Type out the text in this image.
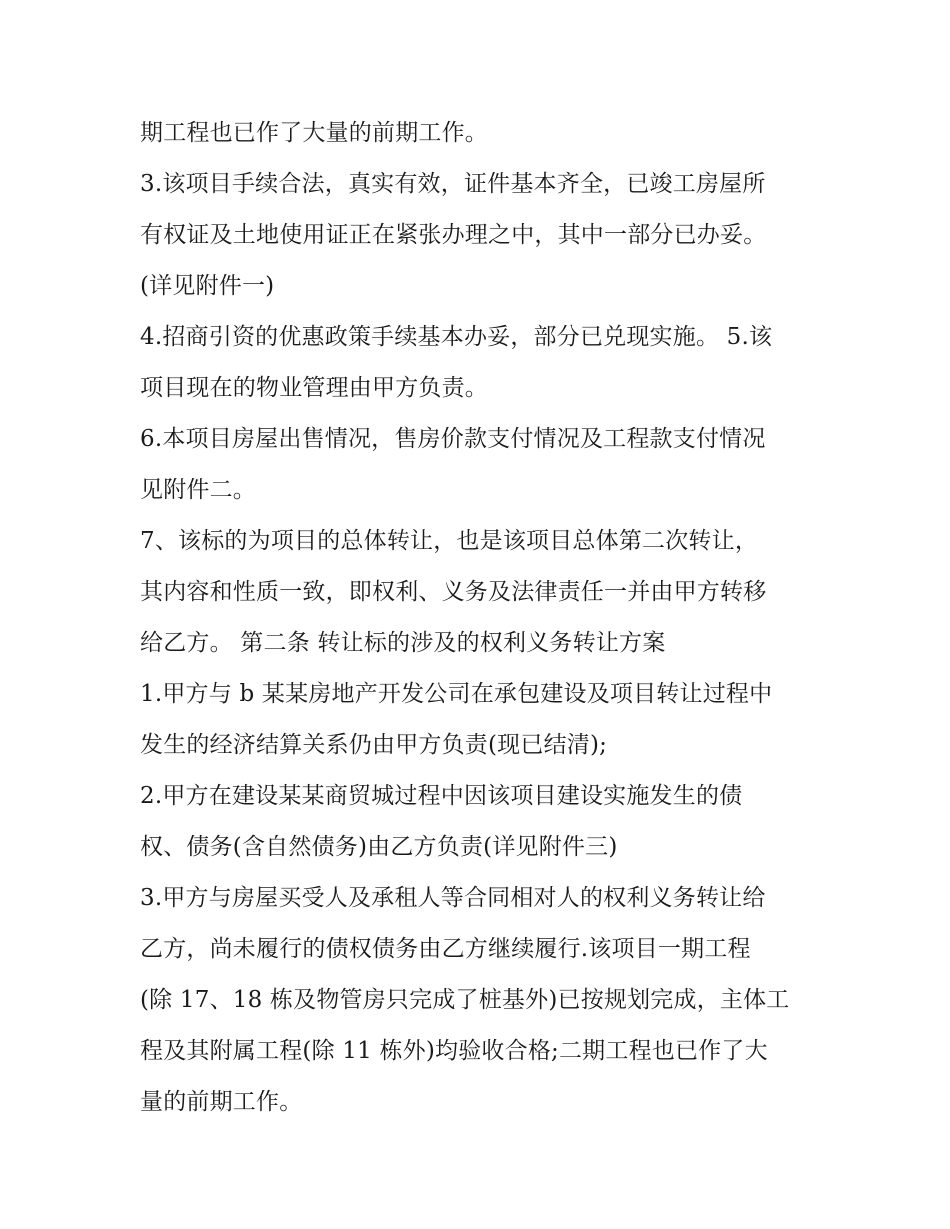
期工程也已作了大量的前期工作。
3.该项目手续合法，真实有效，证件基本齐全，已竣工房屋所
有权证及土地使用证正在紧张办理之中，其中一部分已办妥。
(详见附件一)
4.招商引资的优惠政策手续基本办妥，部分已兑现实施。 5.该
项目现在的物业管理由甲方负责。
6.本项目房屋出售情况，售房价款支付情况及工程款支付情况
见附件二。
7、该标的为项目的总体转让，也是该项目总体第二次转让，
其内容和性质一致，即权利、义务及法律责任一并由甲方转移
给乙方。 第二条 转让标的涉及的权利义务转让方案
1.甲方与 b 某某房地产开发公司在承包建设及项目转让过程中
发生的经济结算关系仍由甲方负责(现已结清);
2.甲方在建设某某商贸城过程中因该项目建设实施发生的债
权、债务(含自然债务)由乙方负责(详见附件三)
3.甲方与房屋买受人及承租人等合同相对人的权利义务转让给
乙方，尚未履行的债权债务由乙方继续履行.该项目一期工程
(除 17、18 栋及物管房只完成了桩基外)已按规划完成，主体工
程及其附属工程(除 11 栋外)均验收合格;二期工程也已作了大
量的前期工作。
